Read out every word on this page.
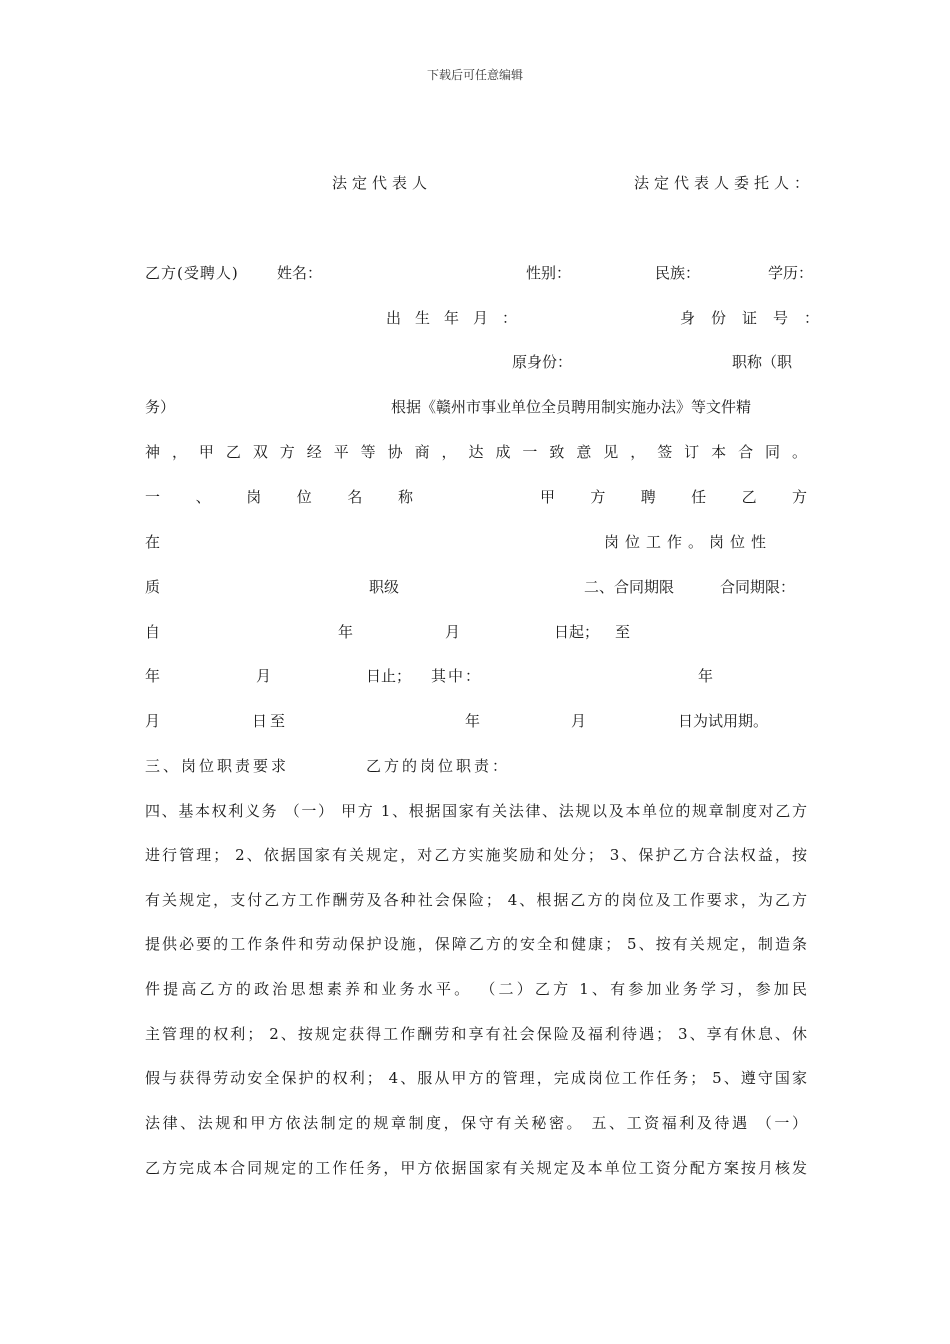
下载后可任意编辑
法定代表人	法定代表人委托人：
乙方(受聘人)	姓名：	性别：	民族：	学历：
出生年月：	身份证号：
原身份：	职称（职
务）	根据《赣州市事业单位全员聘用制实施办法》等文件精
神，甲乙双方经平等协商，达成一致意见，签订本合同。
一 、 岗 位 名 称	甲 方 聘 任 乙 方
在	岗位工作。岗位性
质	职级	二、合同期限	合同期限：
自	年	月	日起； 至
年	月	日止； 其中：	年
月	日至	年	月	日为试用期。
三、岗位职责要求	乙方的岗位职责：
四、基本权利义务 （一） 甲方 1、根据国家有关法律、法规以及本单位的规章制度对乙方
进行管理； 2、依据国家有关规定，对乙方实施奖励和处分； 3、保护乙方合法权益，按
有关规定，支付乙方工作酬劳及各种社会保险； 4、根据乙方的岗位及工作要求，为乙方
提供必要的工作条件和劳动保护设施，保障乙方的安全和健康； 5、按有关规定，制造条
件提高乙方的政治思想素养和业务水平。 （二）乙方 1、有参加业务学习，参加民
主管理的权利； 2、按规定获得工作酬劳和享有社会保险及福利待遇； 3、享有休息、休
假与获得劳动安全保护的权利； 4、服从甲方的管理，完成岗位工作任务； 5、遵守国家
法律、法规和甲方依法制定的规章制度，保守有关秘密。 五、工资福利及待遇 （一）
乙方完成本合同规定的工作任务，甲方依据国家有关规定及本单位工资分配方案按月核发
